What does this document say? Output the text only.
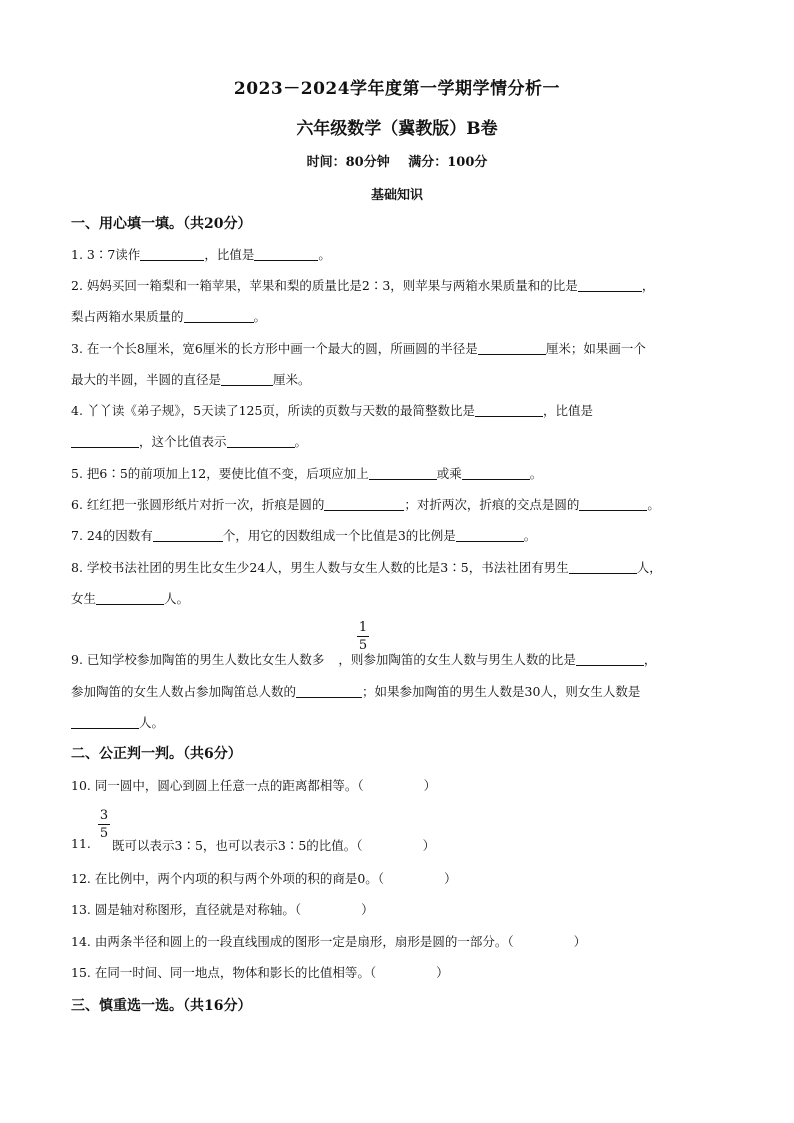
2023－2024学年度第一学期学情分析一
六年级数学（冀教版）B卷
时间：80分钟 满分：100分
基础知识
一、用心填一填。（共20分）
1. 3∶7读作	，比值是	。
2. 妈妈买回一箱梨和一箱苹果，苹果和梨的质量比是2∶3，则苹果与两箱水果质量和的比是	，
梨占两箱水果质量的	。
3. 在一个长8厘米，宽6厘米的长方形中画一个最大的圆，所画圆的半径是	厘米；如果画一个
最大的半圆，半圆的直径是	厘米。
4. 丫丫读《弟子规》，5天读了125页，所读的页数与天数的最简整数比是	，比值是
，这个比值表示	。
5. 把6∶5的前项加上12，要使比值不变，后项应加上	或乘	。
6. 红红把一张圆形纸片对折一次，折痕是圆的	；对折两次，折痕的交点是圆的	。
7. 24的因数有	个，用它的因数组成一个比值是3的比例是	。
8. 学校书法社团的男生比女生少24人，男生人数与女生人数的比是3∶5，书法社团有男生	人，
女生	人。
1
5
9. 已知学校参加陶笛的男生人数比女生人数多 ，则参加陶笛的女生人数与男生人数的比是	，
参加陶笛的女生人数占参加陶笛总人数的	；如果参加陶笛的男生人数是30人，则女生人数是
人。
二、公正判一判。（共6分）
10. 同一圆中，圆心到圆上任意一点的距离都相等。（	）
11.
3
5
既可以表示3∶5，也可以表示3∶5的比值。（	）
12. 在比例中，两个内项的积与两个外项的积的商是0。（	）
13. 圆是轴对称图形，直径就是对称轴。（	）
14. 由两条半径和圆上的一段直线围成的图形一定是扇形，扇形是圆的一部分。（	）
15. 在同一时间、同一地点，物体和影长的比值相等。（	）
三、慎重选一选。（共16分）
